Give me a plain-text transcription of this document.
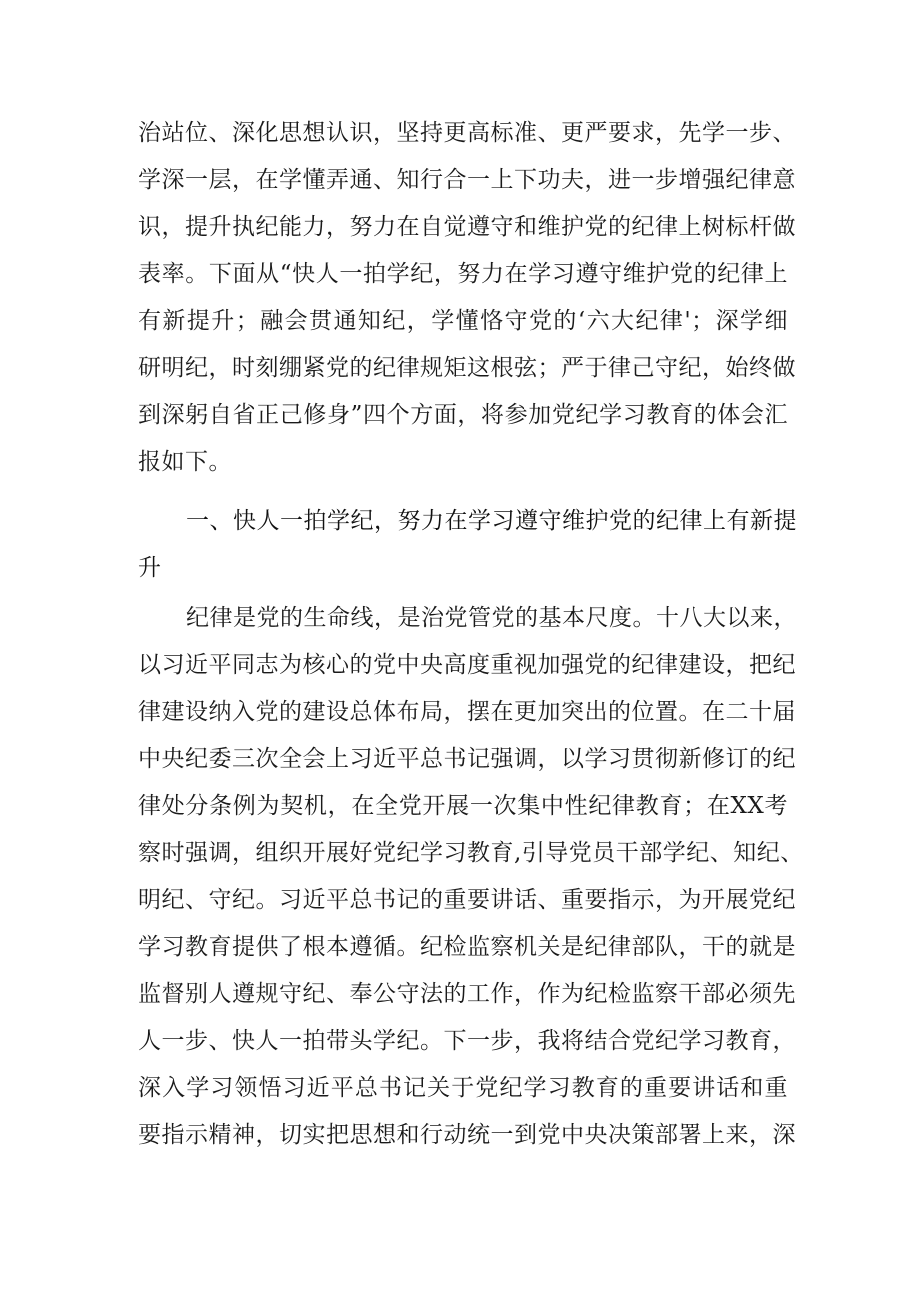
治站位、深化思想认识，坚持更高标准、更严要求，先学一步、
学深一层，在学懂弄通、知行合一上下功夫，进一步增强纪律意
识，提升执纪能力，努力在自觉遵守和维护党的纪律上树标杆做
表率。下面从“快人一拍学纪，努力在学习遵守维护党的纪律上
有新提升；融会贯通知纪，学懂恪守党的‘六大纪律'；深学细
研明纪，时刻绷紧党的纪律规矩这根弦；严于律己守纪，始终做
到深躬自省正己修身”四个方面，将参加党纪学习教育的体会汇
报如下。
一、快人一拍学纪，努力在学习遵守维护党的纪律上有新提
升
纪律是党的生命线，是治党管党的基本尺度。十八大以来，
以习近平同志为核心的党中央高度重视加强党的纪律建设，把纪
律建设纳入党的建设总体布局，摆在更加突出的位置。在二十届
中央纪委三次全会上习近平总书记强调，以学习贯彻新修订的纪
律处分条例为契机，在全党开展一次集中性纪律教育；在XX考
察时强调，组织开展好党纪学习教育,引导党员干部学纪、知纪、
明纪、守纪。习近平总书记的重要讲话、重要指示，为开展党纪
学习教育提供了根本遵循。纪检监察机关是纪律部队，干的就是
监督别人遵规守纪、奉公守法的工作，作为纪检监察干部必须先
人一步、快人一拍带头学纪。下一步，我将结合党纪学习教育，
深入学习领悟习近平总书记关于党纪学习教育的重要讲话和重
要指示精神，切实把思想和行动统一到党中央决策部署上来，深
